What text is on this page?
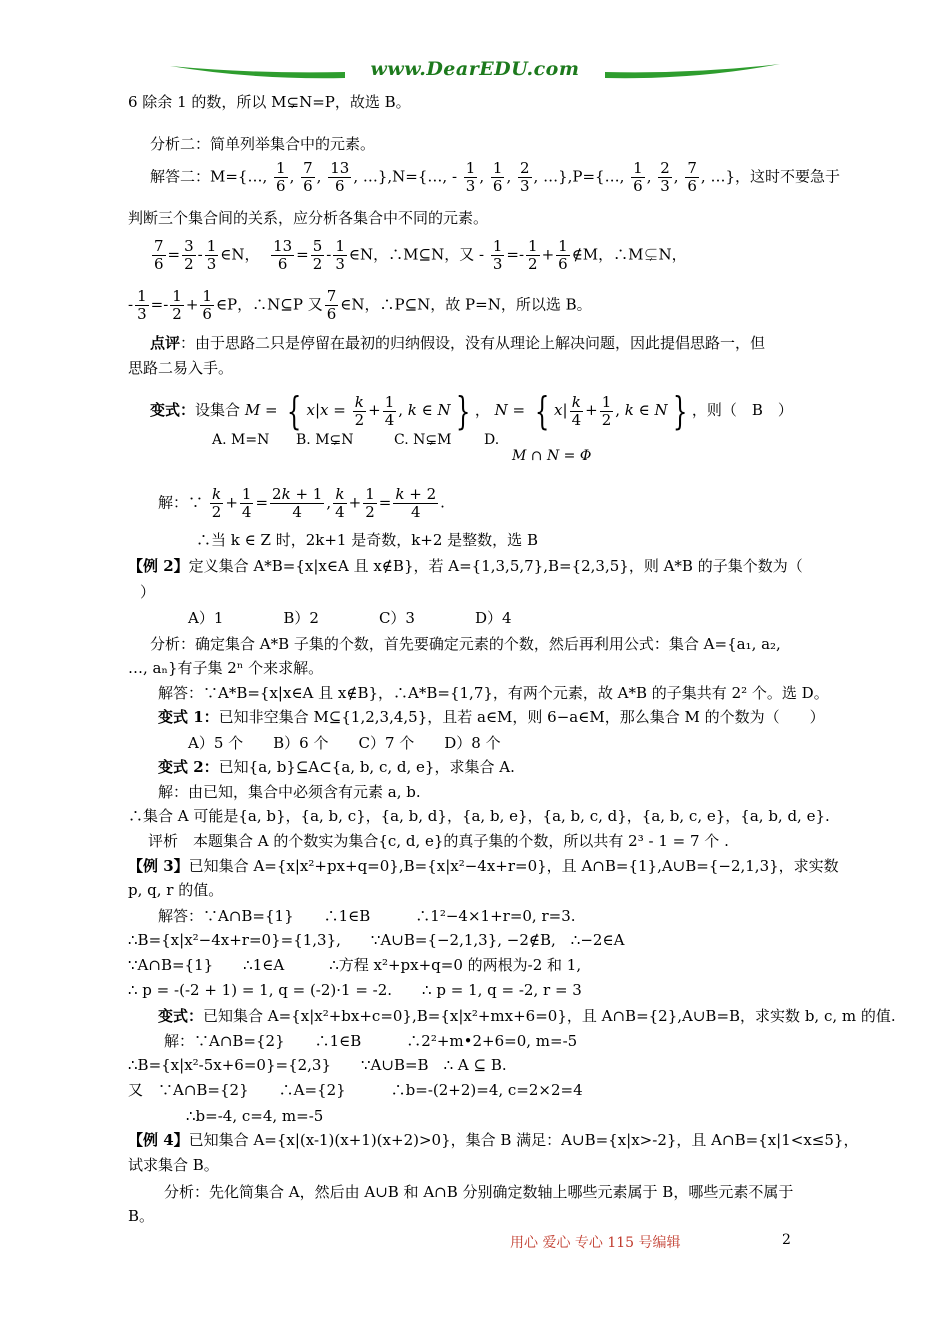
www.DearEDU.com
6 除余 1 的数，所以 M⊊N=P，故选 B。
分析二：简单列举集合中的元素。
解答二：M={…, $\frac{1}{6}$ , $\frac{7}{6}$ , $\frac{13}{6}$ , …},N={…, - $\frac{1}{3}$ , $\frac{1}{6}$ , $\frac{2}{3}$ , …},P={…, $\frac{1}{6}$ , $\frac{2}{3}$ , $\frac{7}{6}$ , …}，这时不要急于
判断三个集合间的关系，应分析各集合中不同的元素。
$\frac{7}{6} = \frac{3}{2} - \frac{1}{3}$ ∈N， $\frac{13}{6} = \frac{5}{2} - \frac{1}{3}$ ∈N，∴M⊆N，又 - $\frac{1}{3} =- \frac{1}{2} + \frac{1}{6}$ ∉M，∴M⊊N，
- $\frac{1}{3} =- \frac{1}{2} + \frac{1}{6}$ ∈P，∴N⊆P 又 $\frac{7}{6}$ ∈N，∴P⊆N，故 P=N，所以选 B。
点评：由于思路二只是停留在最初的归纳假设，没有从理论上解决问题，因此提倡思路一，但
思路二易入手。
变式：设集合 M = { $x|x = \frac{k}{2} + \frac{1}{4}$ , k ∈ N } ， N = { $x| \frac{k}{4} + \frac{1}{2}$ , k ∈ N } ，则（　B　）
A. M=N B. M⊊N	C. N⊊M D.
M ∩ N = Φ
解：∵ $\frac{k}{2} + \frac{1}{4} = \frac{2k + 1}{4}$ , $\frac{k}{4} + \frac{1}{2} = \frac{k + 2}{4}$ .
∴当 k ∈ Z 时，2k+1 是奇数，k+2 是整数，选 B
【例 2】定义集合 A*B={x|x∈A 且 x∉B}，若 A={1,3,5,7},B={2,3,5}，则 A*B 的子集个数为（
）
A）1　　　　B）2　　　　C）3　　　　D）4
分析：确定集合 A*B 子集的个数，首先要确定元素的个数，然后再利用公式：集合 A={a₁, a₂,
…, aₙ}有子集 2ⁿ 个来求解。
解答：∵A*B={x|x∈A 且 x∉B}，∴A*B={1,7}，有两个元素，故 A*B 的子集共有 2² 个。选 D。
变式 1：已知非空集合 M⊆{1,2,3,4,5}，且若 a∈M，则 6−a∈M，那么集合 M 的个数为（　　）
A）5 个　　B）6 个　　C）7 个　　D）8 个
变式 2：已知{a, b}⊆A⊂{a, b, c, d, e}，求集合 A.
解：由已知，集合中必须含有元素 a, b.
∴集合 A 可能是{a, b}，{a, b, c}，{a, b, d}，{a, b, e}，{a, b, c, d}，{a, b, c, e}，{a, b, d, e}.
评析　本题集合 A 的个数实为集合{c, d, e}的真子集的个数，所以共有 2³ - 1 = 7 个 .
【例 3】已知集合 A={x|x²+px+q=0},B={x|x²−4x+r=0}，且 A∩B={1},A∪B={−2,1,3}，求实数
p, q, r 的值。
解答：∵A∩B={1}　　∴1∈B　　　∴1²−4×1+r=0, r=3.
∴B={x|x²−4x+r=0}={1,3},　　∵A∪B={−2,1,3}, −2∉B,　∴−2∈A
∵A∩B={1}　　∴1∈A　　　∴方程 x²+px+q=0 的两根为-2 和 1,
∴ p = -(-2 + 1) = 1, q = (-2)·1 = -2.　　∴ p = 1, q = -2, r = 3
变式：已知集合 A={x|x²+bx+c=0},B={x|x²+mx+6=0}，且 A∩B={2},A∪B=B，求实数 b, c, m 的值.
解：∵A∩B={2}　　∴1∈B　　　∴2²+m•2+6=0, m=-5
∴B={x|x²-5x+6=0}={2,3}　　∵A∪B=B　∴ A ⊆ B.
又　∵A∩B={2}　　∴A={2}　　　∴b=-(2+2)=4, c=2×2=4
∴b=-4, c=4, m=-5
【例 4】已知集合 A={x|(x-1)(x+1)(x+2)>0}，集合 B 满足：A∪B={x|x>-2}，且 A∩B={x|1<x≤5}，
试求集合 B。
分析：先化简集合 A，然后由 A∪B 和 A∩B 分别确定数轴上哪些元素属于 B，哪些元素不属于
B。
用心 爱心 专心 115 号编辑	2
